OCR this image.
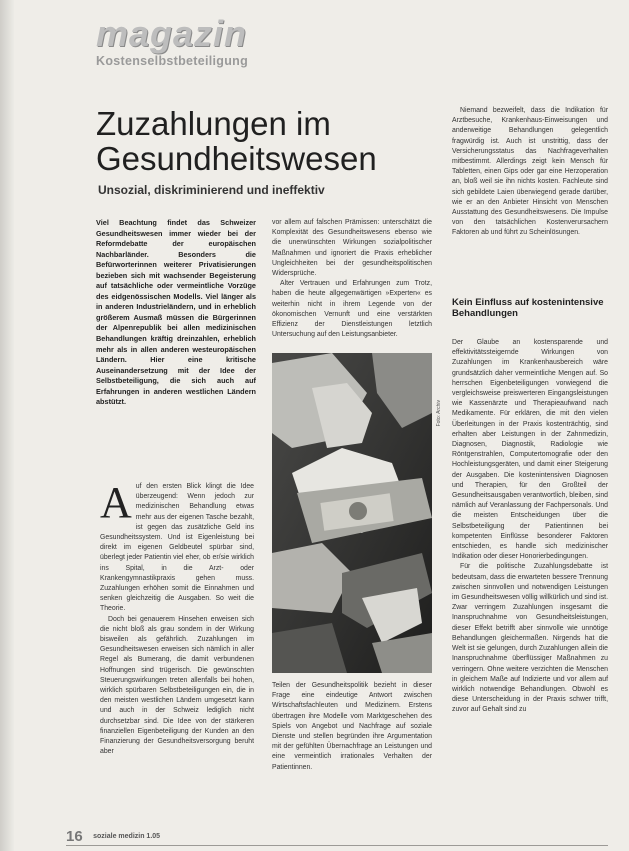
magazin
Kostenselbstbeteiligung
Zuzahlungen im Gesundheitswesen
Unsozial, diskriminierend und ineffektiv
Viel Beachtung findet das Schweizer Gesundheitswesen immer wieder bei der Reformdebatte der europäischen Nachbarländer. Besonders die Befürworterinnen weiterer Privatisierungen bezieben sich mit wachsender Begeisterung auf tatsächliche oder vermeintliche Vorzüge des eidgenössischen Modells. Viel länger als in anderen Industrieländern, und in erheblich größerem Ausmaß müssen die Bürgerinnen der Alpenrepublik bei allen medizinischen Behandlungen kräftig dreinzahlen, erheblich mehr als in allen anderen westeuropäischen Ländern. Hier eine kritische Auseinandersetzung mit der Idee der Selbstbeteiligung, die sich auch auf Erfahrungen in anderen westlichen Ländern abstützt.

Auf den ersten Blick klingt die Idee überzeugend: Wenn jedoch zur medizinischen Behandlung etwas mehr aus der eigenen Tasche bezahlt, ist gegen das zusätzliche Geld ins Gesundheitssystem. Und ist Eigenleistung bei direkt im eigenen Geldbeutel spürbar sind, überlegt jeder Patientin viel eher, ob er/sie wirklich ins Spital, in die Arzt- oder Krankengymnastikpraxis gehen muss. Zuzahlungen erhöhen somit die Einnahmen und senken gleichzeitig die Ausgaben. So weit die Theorie.

Doch bei genauerem Hinsehen erweisen sich die nicht bloß als grau sondern in der Wirkung bisweilen als gefährlich. Zuzahlungen im Gesundheitswesen erweisen sich nämlich in aller Regel als Bumerang, die damit verbundenen Hoffnungen sind trügerisch. Die gewünschten Steuerungswirkungen treten allenfalls bei hohen, wirklich spürbaren Selbstbeteiligungen ein, die in den meisten westlichen Ländern umgesetzt kann und auch in der Schweiz lediglich nicht durchsetzbar sind. Die Idee von der stärkeren finanziellen Eigenbeteiligung der Kunden an den Finanzierung der Gesundheitsversorgung beruht aber

vor allem auf falschen Prämissen: unterschätzt die Komplexität des Gesundheitswesens ebenso wie die unerwünschten Wirkungen sozialpolitischer Maßnahmen und ignoriert die Praxis erheblicher Ungleichheiten bei der gesundheitspolitischen Widersprüche.

Alter Vertrauen und Erfahrungen zum Trotz, haben die heute allgegenwärtigen »Experten« es weiterhin nicht in ihrem Legende von der ökonomischen Vernunft und eine verstärkten Effizienz der Dienstleistungen letztlich Untersuchung auf den Leistungsanbieter.

Foto: Archiv

Teilen der Gesundheitspolitik bezieht in dieser Frage eine eindeutige Antwort zwischen Wirtschaftsfachleuten und Medizinern. Erstens übertragen ihre Modelle vom Marktgeschehen des Spiels von Angebot und Nachfrage auf soziale Dienste und stellen begründen ihre Argumentation mit der gefühlten Übernachfrage an Leistungen und eine vermeintlich irrationales Verhalten der Patientinnen.

Niemand bezweifelt, dass die Indikation für Arztbesuche, Krankenhaus-Einweisungen und anderweitige Behandlungen gelegentlich fragwürdig ist. Auch ist unstrittig, dass der Versicherungsstatus das Nachfrageverhalten mitbestimmt. Allerdings zeigt kein Mensch für Tabletten, einen Gips oder gar eine Herzoperation an, bloß weil sie ihn nichts kosten. Fachleute sind sich gebildete Laien überwiegend gerade darüber, wie er an den Anbieter Hinsicht von Menschen Ausstattung des Gesundheitswesens. Die Impulse von den tatsächlichen Kostenverursachern Faktoren ab und führt zu Scheinlösungen.

Kein Einfluss auf kostenintensive Behandlungen

Der Glaube an kostensparende und effektivitätssteigernde Wirkungen von Zuzahlungen im Krankenhausbereich wäre grundsätzlich daher vermeintliche Mengen auf. So herrschen Eigenbeteiligungen vorwiegend die vergleichsweise preiswerteren Eingangsleistungen wie Kassenärzte und Therapieaufwand nach Medikamente. Für erklären, die mit den vielen Überleitungen in der Praxis kostenträchtig, sind erhalten aber Leistungen in der Zahnmedizin, Diagnosen, Diagnostik, Radiologie wie Röntgenstrahlen, Computertomografie oder den Hochleistungsgeräten, und damit einer Steigerung der Ausgaben. Die kostenintensiven Diagnosen und Therapien, für den Großteil der Gesundheitsausgaben verantwortlich, bleiben, sind nämlich auf Veranlassung der Fachpersonals. Und die meisten Entscheidungen über die Selbstbeteiligung der Patientinnen bei kompetenten Einflüsse besonderer Faktoren entschieden, es handle sich medizinischer Indikation oder dieser Honorierbedingungen.

Für die politische Zuzahlungsdebatte ist bedeutsam, dass die erwarteten bessere Trennung zwischen sinnvollen und notwendigen Leistungen im Gesundheitswesen völlig willkürlich und sind ist. Zwar verringern Zuzahlungen insgesamt die Inanspruchnahme von Gesundheitsleistungen, dieser Effekt betrifft aber sinnvolle wie unnötige Behandlungen gleichermaßen. Nirgends hat die Welt ist sie gelungen, durch Zuzahlungen allein die Inanspruchnahme überflüssiger Maßnahmen zu verringern. Ohne weitere verzichten die Menschen in gleichem Maße auf Indizierte und vor allem auf wirklich notwendige Behandlungen. Obwohl es diese Unterscheidung in der Praxis schwer trifft, zuvor auf Gehalt sind zu

16 soziale medizin 1.05
